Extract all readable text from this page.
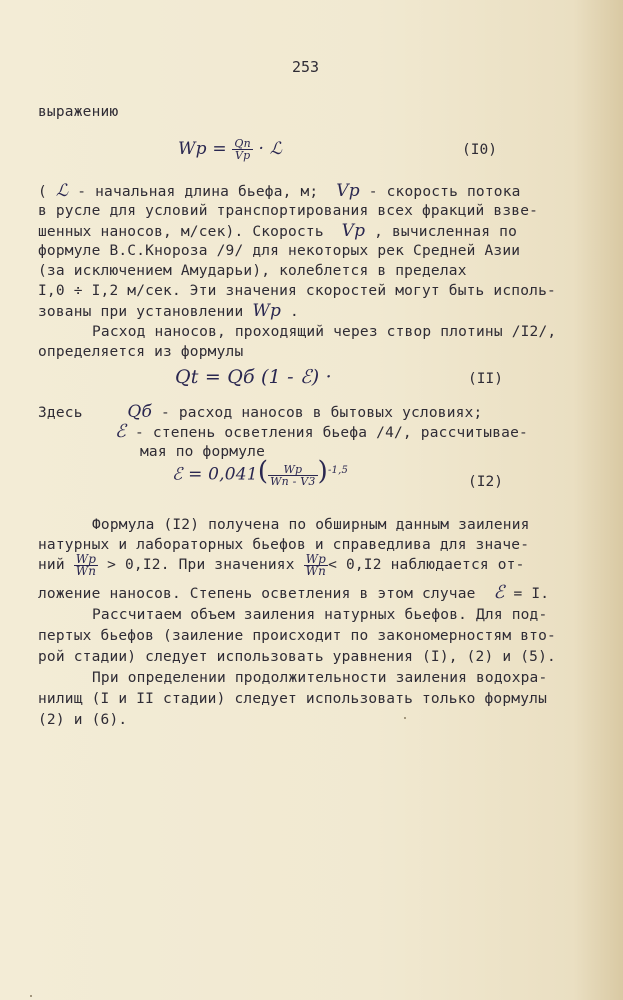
253
выражению
$Wp = \frac{Qn}{Vp}$ · ℒ	(I0)
( ℒ - начальная длина бьефа, м; Vp - скорость потока
в русле для условий транспортирования всех фракций взве-
шенных наносов, м/сек). Скорость Vp , вычисленная по
формуле В.С.Кнороза /9/ для некоторых рек Средней Азии
(за исключением Амударьи), колеблется в пределах
I,0 ÷ I,2 м/сек. Эти значения скоростей могут быть исполь-
зованы при установлении Wp .
Расход наносов, проходящий через створ плотины /I2/,
определяется из формулы
Qt = Qб (1 - ℰ) ·	(II)
Здесь	Qб - расход наносов в бытовых условиях;
ℰ - степень осветления бьефа /4/, рассчитывае-
мая по формуле
ℰ = $0,041( \frac{Wp}{Wn - V3} )^{-1,5}$
(I2)
Формула (I2) получена по обширным данным заиления
натурных и лабораторных бьефов и справедлива для значе-
ний $\frac{Wp}{Wn} > 0,I2$. При значениях $\frac{Wp}{Wn} < 0,I2$ наблюдается от-
ложение наносов. Степень осветления в этом случае ℰ = I.
Рассчитаем объем заиления натурных бьефов. Для под-
пертых бьефов (заиление происходит по закономерностям вто-
рой стадии) следует использовать уравнения (I), (2) и (5).
При определении продолжительности заиления водохра-
нилищ (I и II стадии) следует использовать только формулы
(2) и (6).
